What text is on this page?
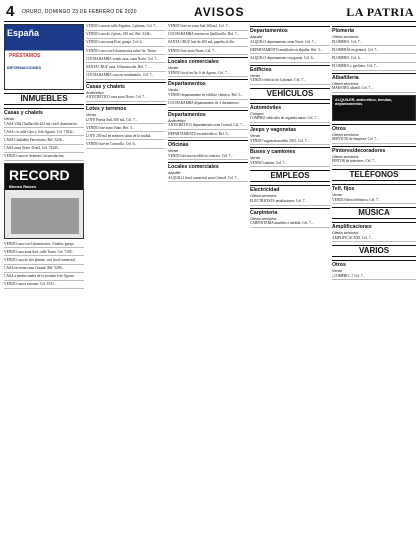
4 ORURO, DOMINGO 23 DE FEBRERO DE 2020	AVISOS	LA PATRIA
España
PRÉSTAMOS
INFORMACIONES
INMUEBLES
Casas y chalets
Venta
CASA Villa Challacollo 424 m2 con 6 dormitorios.
CASA c/u calle Caro y 6 de Agosto. Cel. 71842...
CASA Ciudadela Ferroviaria. Ref. 5236...
CASA zona Norte 45 m2. Cel. 72345...
VENDO casa en Avenida Circunvalación.
RECORD
Bienes Raíces
VENDO casa con 6 dormitorios, 3 baños, garaje.
VENDO casa zona Sud, calle Tacna. Cel. 7185...
VENDO casa de dos plantas, con local comercial.
CASA en venta zona Central. Ref. 5280...
CASA a media cuadra de la avenida 6 de Agosto.
VENDO casa a estrenar. Cel. 6741...
VENDO casa en calle Pagador, 2 plantas. Cel. 7...
VENDO casa de 2 pisos, 230 m2. Ref. 5246...
VENDO casa zona Este, garaje. Cel. 6...
VENDO casa con 6 dormitorios sobre Av. Tacna.
COCHABAMBA vendo casa, zona Norte. Cel. 7...
SANTA CRUZ casa, Urbanización. Ref. 7...
COCHABAMBA casa en condominio. Cel. 7...
Casas y chalets
Anticrético
ANTICRÉTICO casa zona Norte. Cel. 7...
Lotes y terrenos
Venta
LOTE Puerta Sud, 300 m2. Cel. 7...
VENDO lote zona Vinto. Ref. 5...
LOTE 250 m2 en mejores sitios de la ciudad.
VENDO lote en Caracollo. Cel. 6...
VENDO lote en zona Sud 360 m2. Cel. 7...
COCHABAMBA terreno en Quillacollo. Ref. 7...
SANTA CRUZ lote de 400 m2, papeles al día.
VENDO lote zona Norte. Cel. 7...
Locales comerciales
Venta
VENDO local en Av. 6 de Agosto. Cel. 7...
Departamentos
Venta
VENDO departamento en edificio céntrico. Ref. 5...
COCHABAMBA departamento de 3 dormitorios.
Departamentos
Anticrético
ANTICRÉTICO departamento zona Central. Cel. 7...
DEPARTAMENTO en anticrético. Ref. 5...
Oficinas
Venta
VENDO oficina en edificio céntrico. Cel. 7...
Locales comerciales
Alquiler
ALQUILO local comercial zona Central. Cel. 7...
Departamentos
Alquiler
ALQUILO departamento zona Norte. Cel. 7...
DEPARTAMENTO amoblado en alquiler. Ref. 5...
ALQUILO departamento con garaje. Cel. 6...
Edificios
Venta
VENDO edificio de 4 plantas. Cel. 7...
VEHÍCULOS
Automóviles
Compra
COMPRO vehículos de segunda mano. Cel. 7...
Jeeps y vagonetas
Venta
VENDO vagoneta modelo 2015. Cel. 7...
Buses y camiones
Venta
VENDO camión. Cel. 7...
EMPLEOS
Electricidad
Oferta servicios
ELECTRICISTA instalaciones. Cel. 7...
Carpintería
Oferta servicios
CARPINTERÍA muebles a medida. Cel. 7...
Plomería
Oferta servicios
PLOMERO. Cel. 7...
PLOMERÍA en general. Cel. 7...
PLOMERO. Cel. 6...
PLOMERO y gasfitero. Cel. 7...
Albañilería
Oferta servicios
MAESTRO albañil. Cel. 7...
ALQUILER, anticrético, tiendas, departamentos
Otros
Oferta servicios
SERVICIO de limpieza. Cel. 7...
Pintores/decoradores
Oferta servicios
PINTOR de interiores. Cel. 7...
TELÉFONOS
Telf. fijos
Venta
VENDO línea telefónica. Cel. 7...
MÚSICA
Amplificaciones
Oferta servicios
AMPLIFICACIÓN. Cel. 7...
VARIOS
Otros
Venta
¿COMPRO...? Cel. 7...
